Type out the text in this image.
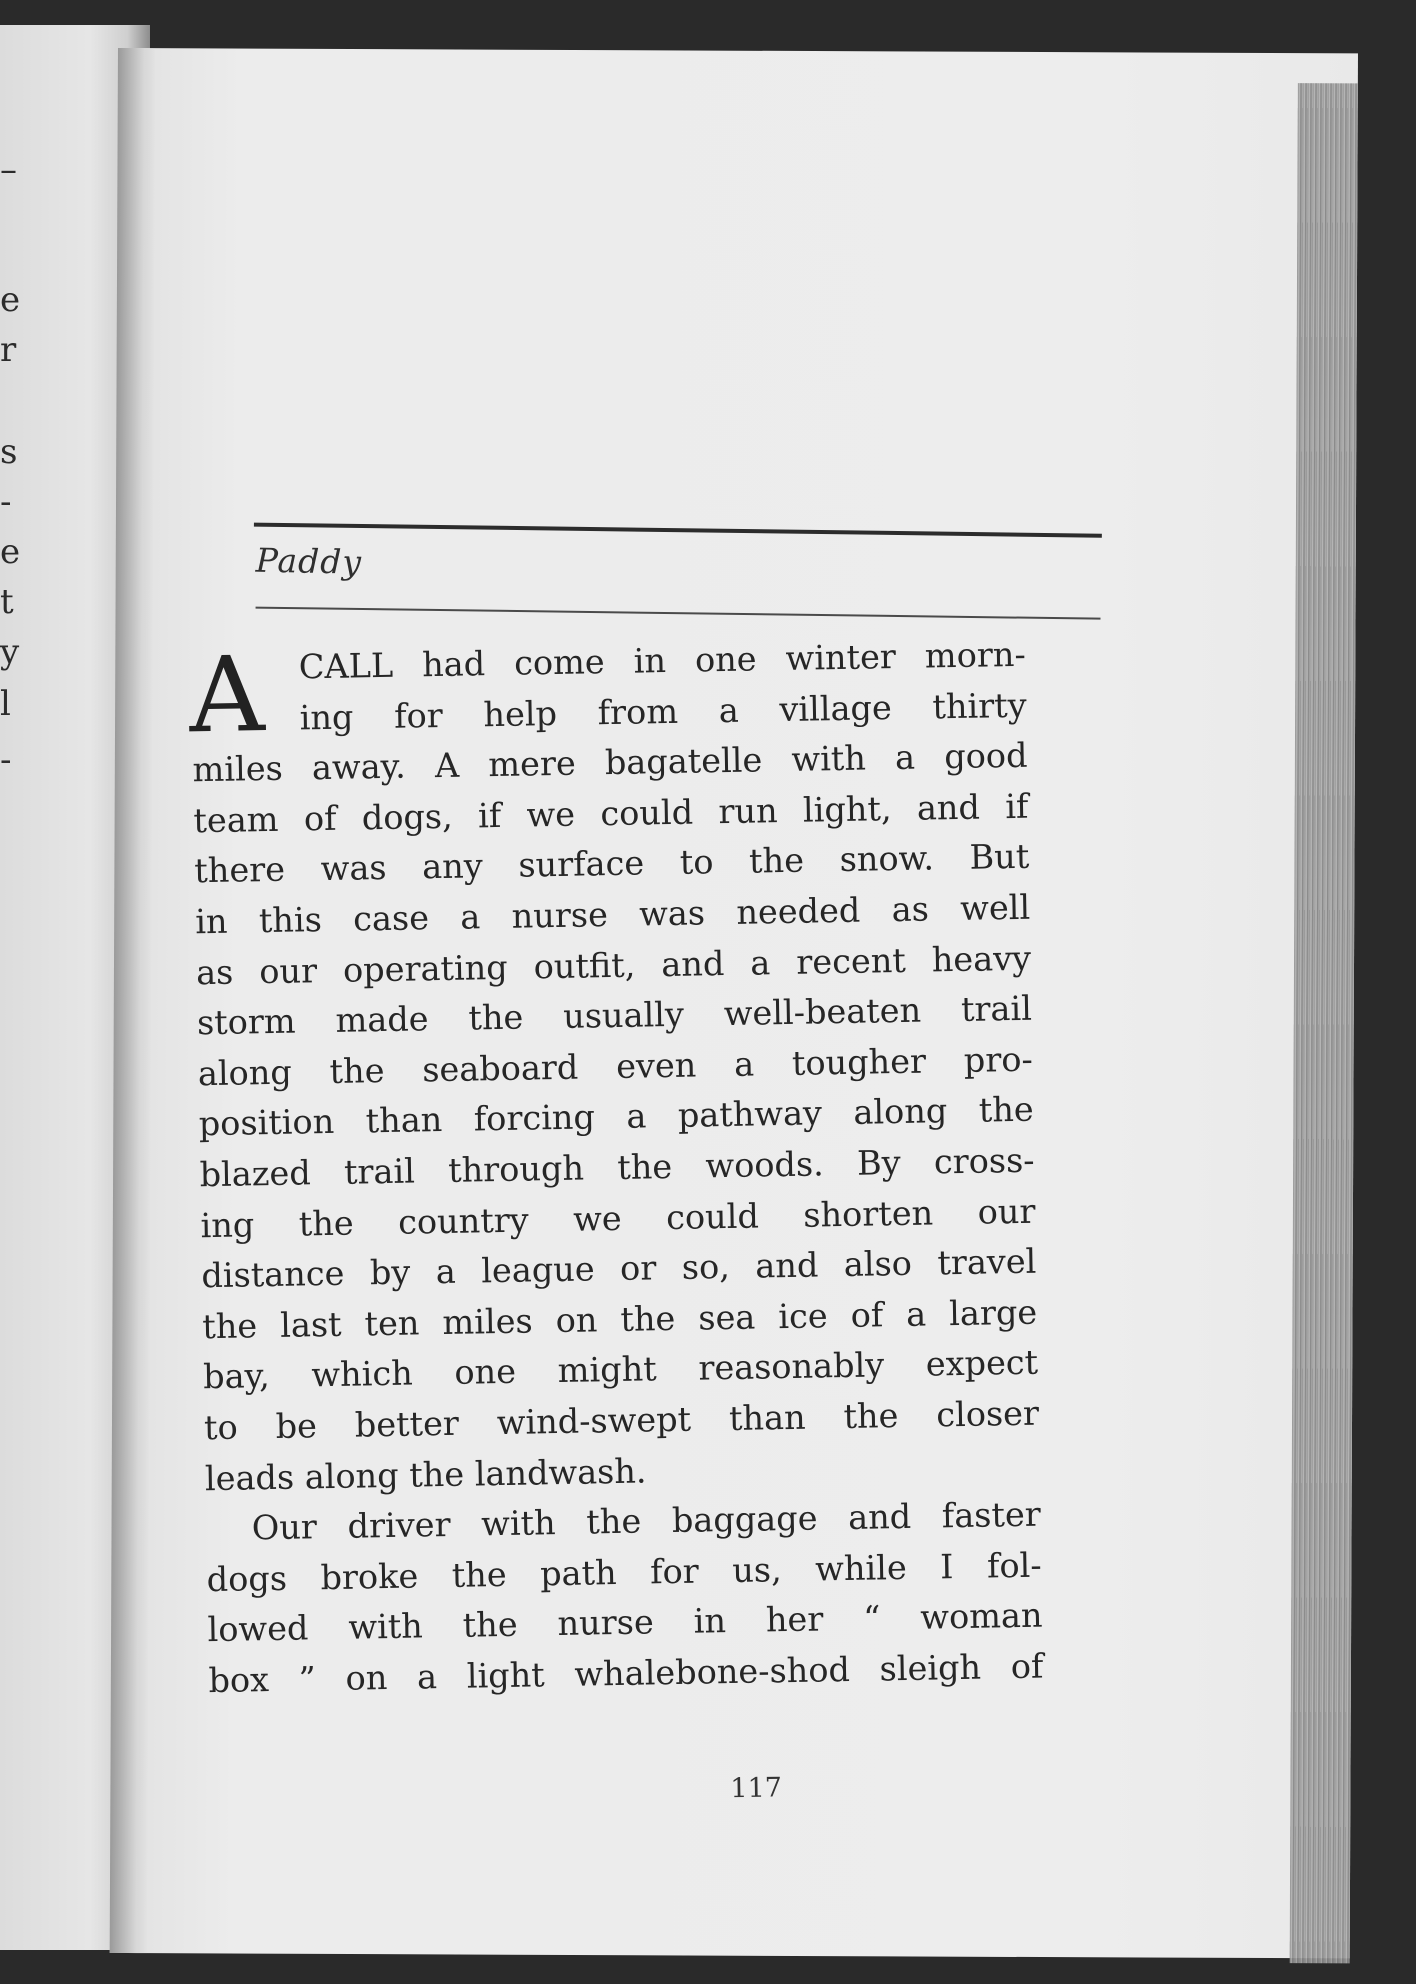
–
e
r
s
-
e
t
y
l
-
Paddy
A CALL had come in one winter morn-
ing for help from a village thirty
miles away. A mere bagatelle with a good
team of dogs, if we could run light, and if
there was any surface to the snow. But
in this case a nurse was needed as well
as our operating outfit, and a recent heavy
storm made the usually well-beaten trail
along the seaboard even a tougher pro-
position than forcing a pathway along the
blazed trail through the woods. By cross-
ing the country we could shorten our
distance by a league or so, and also travel
the last ten miles on the sea ice of a large
bay, which one might reasonably expect
to be better wind-swept than the closer
leads along the landwash.
Our driver with the baggage and faster
dogs broke the path for us, while I fol-
lowed with the nurse in her “ woman
box ” on a light whalebone-shod sleigh of
117
